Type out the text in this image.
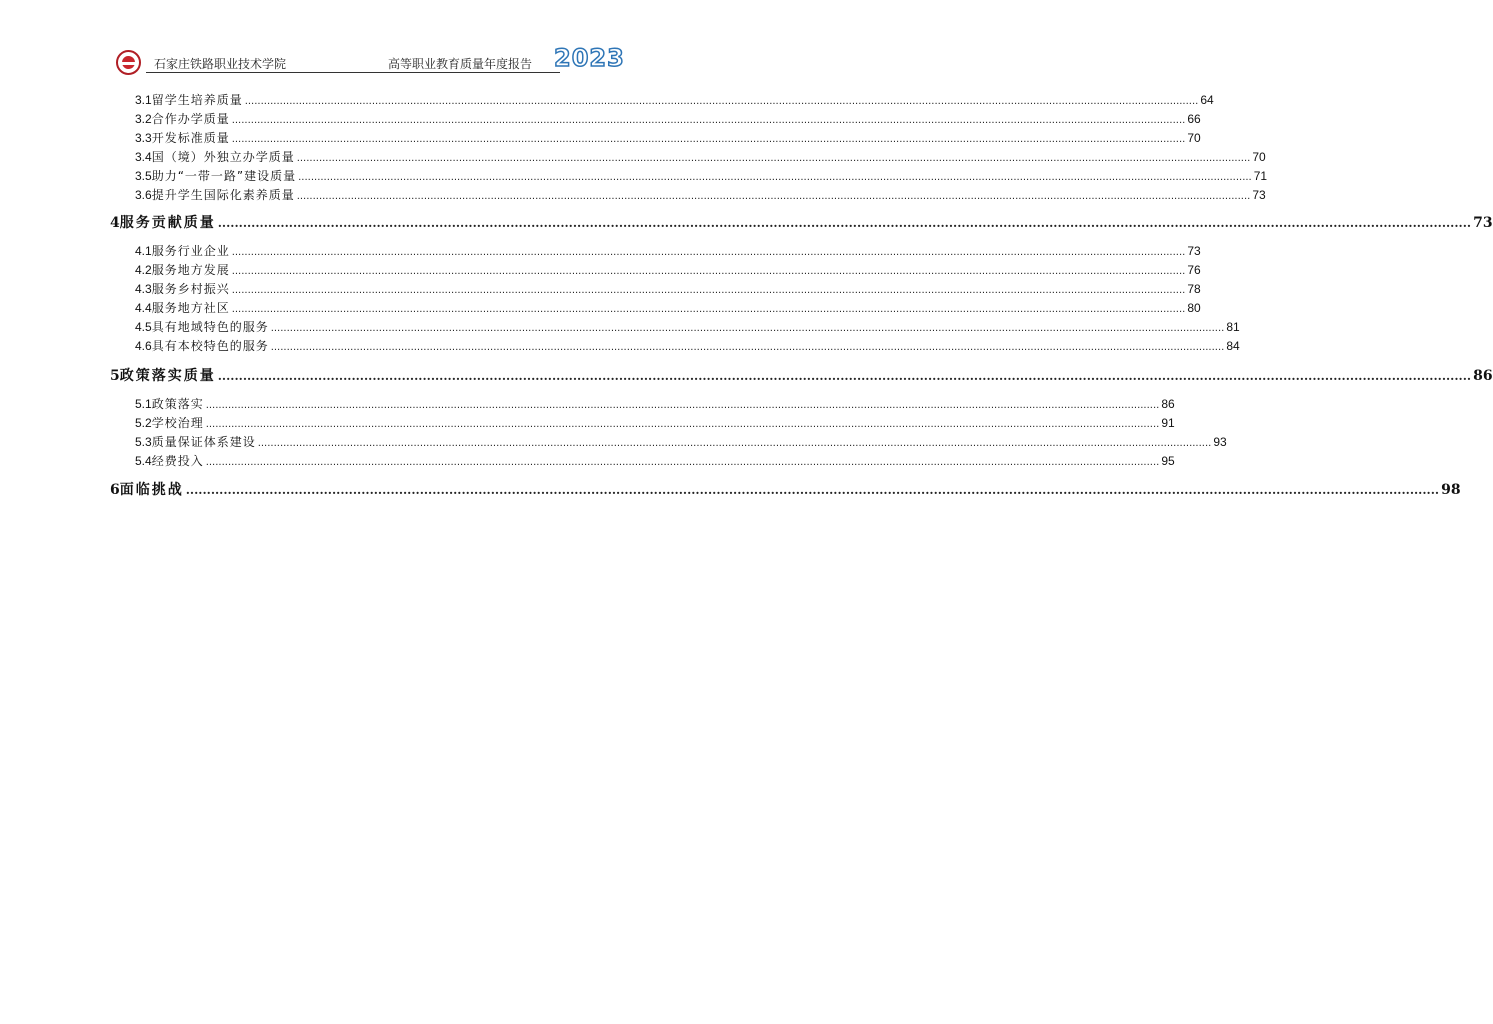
石家庄铁路职业技术学院	高等职业教育质量年度报告 2023
3.1 留学生培养质量 ............................................................................................................................................................................................................................................................................................................ 64
3.2 合作办学质量 ............................................................................................................................................................................................................................................................................................................ 66
3.3 开发标准质量 ............................................................................................................................................................................................................................................................................................................ 70
3.4 国（境）外独立办学质量 ............................................................................................................................................................................................................................................................................................................ 70
3.5 助力“一带一路”建设质量 ............................................................................................................................................................................................................................................................................................................ 71
3.6 提升学生国际化素养质量 ............................................................................................................................................................................................................................................................................................................ 73
4 服务贡献质量 ............................................................................................................................................................................................................................................................................................................ 73
4.1 服务行业企业 ............................................................................................................................................................................................................................................................................................................ 73
4.2 服务地方发展 ............................................................................................................................................................................................................................................................................................................ 76
4.3 服务乡村振兴 ............................................................................................................................................................................................................................................................................................................ 78
4.4 服务地方社区 ............................................................................................................................................................................................................................................................................................................ 80
4.5 具有地域特色的服务 ............................................................................................................................................................................................................................................................................................................ 81
4.6 具有本校特色的服务 ............................................................................................................................................................................................................................................................................................................ 84
5 政策落实质量 ............................................................................................................................................................................................................................................................................................................ 86
5.1 政策落实 ............................................................................................................................................................................................................................................................................................................ 86
5.2 学校治理 ............................................................................................................................................................................................................................................................................................................ 91
5.3 质量保证体系建设 ............................................................................................................................................................................................................................................................................................................ 93
5.4 经费投入 ............................................................................................................................................................................................................................................................................................................ 95
6 面临挑战 ............................................................................................................................................................................................................................................................................................................ 98
